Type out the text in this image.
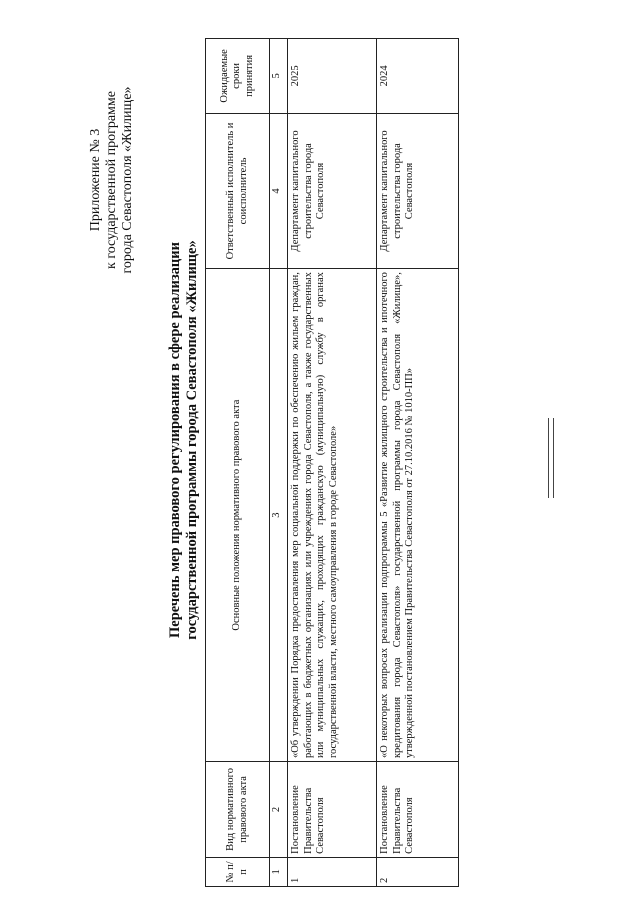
Приложение № 3 к государственной программе города Севастополя «Жилище»
Перечень мер правового регулирования в сфере реализации государственной программы города Севастополя «Жилище»
№ п/п	Вид нормативного правового акта	Основные положения нормативного правового акта	Ответственный исполнитель и соисполнитель	Ожидаемые сроки принятия
1	2	3	4	5
1	Постановление Правительства Севастополя	«Об утверждении Порядка предоставления мер социальной поддержки по обеспечению жильем граждан, работающих в бюджетных организациях или учреждениях города Севастополя, а также государственных или муниципальных служащих, проходящих гражданскую (муниципальную) службу в органах государственной власти, местного самоуправления в городе Севастополе»	Департамент капитального строительства города Севастополя	2025
2	Постановление Правительства Севастополя	«О некоторых вопросах реализации подпрограммы 5 «Развитие жилищного строительства и ипотечного кредитования города Севастополя» государственной программы города Севастополя «Жилище», утвержденной постановлением Правительства Севастополя от 27.10.2016 № 1010-ПП»	Департамент капитального строительства города Севастополя	2024
